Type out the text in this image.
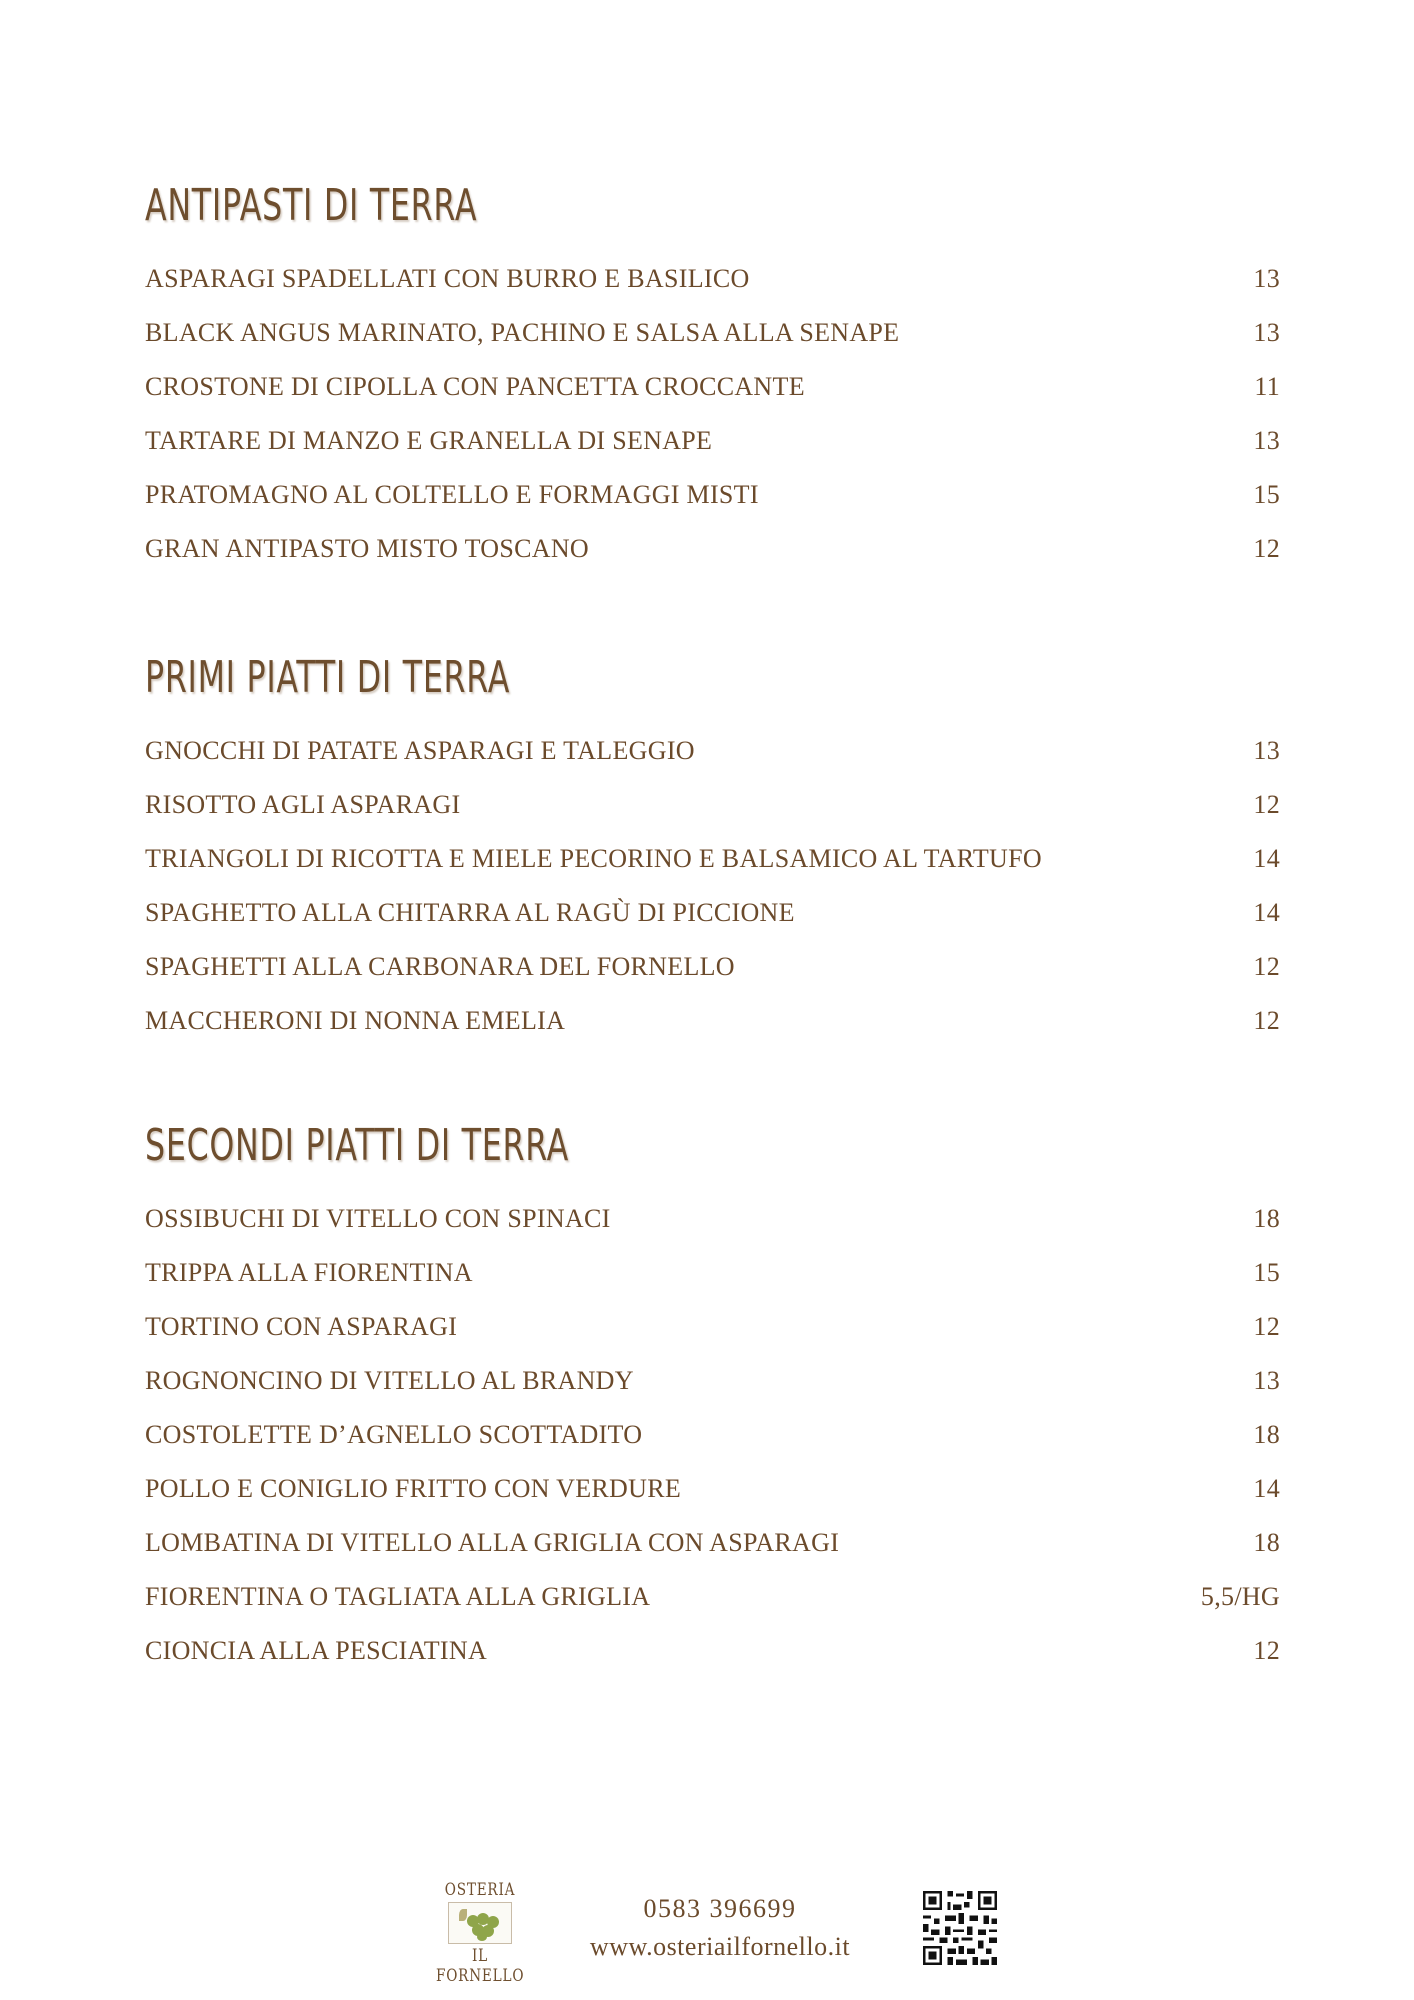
ANTIPASTI DI TERRA
ASPARAGI SPADELLATI CON BURRO E BASILICO	13
BLACK ANGUS MARINATO, PACHINO E SALSA ALLA SENAPE	13
CROSTONE DI CIPOLLA CON PANCETTA CROCCANTE	11
TARTARE DI MANZO E GRANELLA DI SENAPE	13
PRATOMAGNO AL COLTELLO E FORMAGGI MISTI	15
GRAN ANTIPASTO MISTO TOSCANO	12
PRIMI PIATTI DI TERRA
GNOCCHI DI PATATE ASPARAGI E TALEGGIO	13
RISOTTO AGLI ASPARAGI	12
TRIANGOLI DI RICOTTA E MIELE PECORINO E BALSAMICO AL TARTUFO	14
SPAGHETTO ALLA CHITARRA AL RAGÙ DI PICCIONE	14
SPAGHETTI ALLA CARBONARA DEL FORNELLO	12
MACCHERONI DI NONNA EMELIA	12
SECONDI PIATTI DI TERRA
OSSIBUCHI DI VITELLO CON SPINACI	18
TRIPPA ALLA FIORENTINA	15
TORTINO CON ASPARAGI	12
ROGNONCINO DI VITELLO AL BRANDY	13
COSTOLETTE D’AGNELLO SCOTTADITO	18
POLLO E CONIGLIO FRITTO CON VERDURE	14
LOMBATINA DI VITELLO ALLA GRIGLIA CON ASPARAGI	18
FIORENTINA O TAGLIATA ALLA GRIGLIA	5,5/HG
CIONCIA ALLA PESCIATINA	12
OSTERIA
IL FORNELLO
0583 396699
www.osteriailfornello.it
